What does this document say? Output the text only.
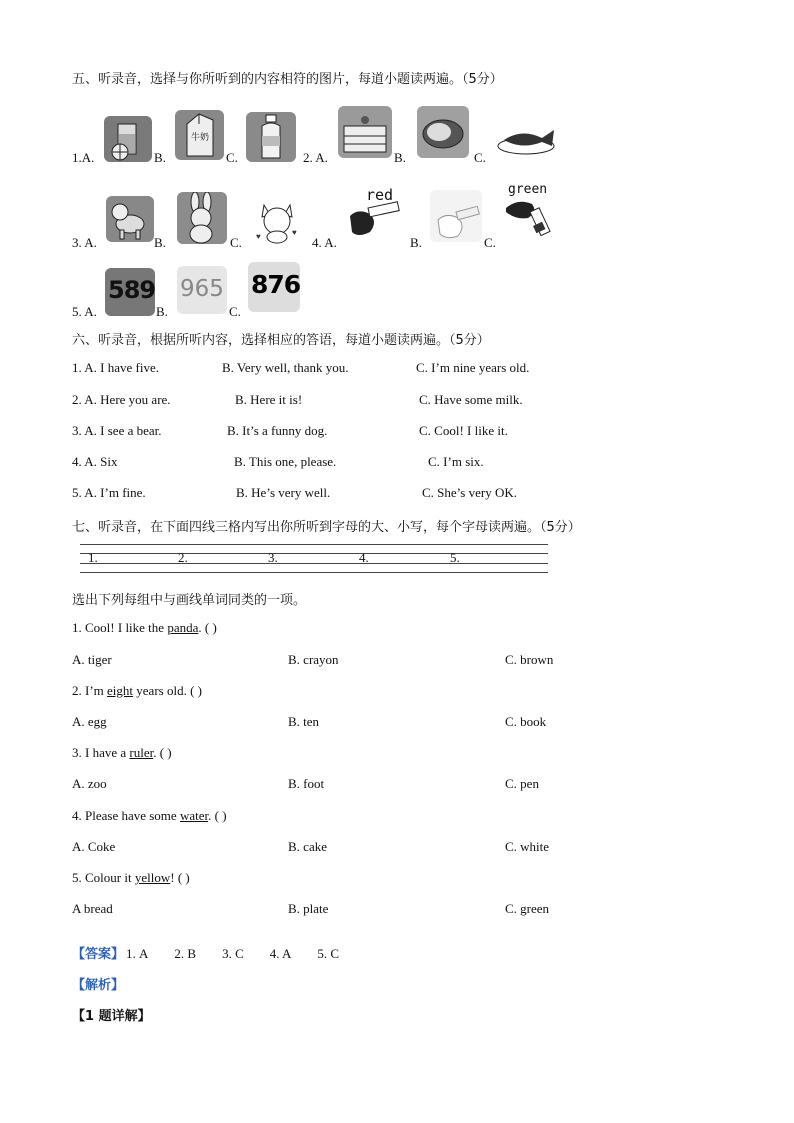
五、听录音，选择与你所听到的内容相符的图片，每道小题读两遍。（5分）
1.A.	B.
牛奶
C.	2. A.	B.	C.
3. A.	B.	C. ♥	♥
4. A.
red
B.	C.
green
5. A.
589
B.
965
C.
876
六、听录音，根据所听内容，选择相应的答语，每道小题读两遍。（5分）
1. A. I have five.	B. Very well, thank you.	C. I’m nine years old.
2. A. Here you are.	B. Here it is!	C. Have some milk.
3. A. I see a bear.	B. It’s a funny dog.	C. Cool! I like it.
4. A. Six	B. This one, please.	C. I’m six.
5. A. I’m fine.	B. He’s very well.	C. She’s very OK.
七、听录音，在下面四线三格内写出你所听到字母的大、小写，每个字母读两遍。（5分）
1.	2.	3.	4.	5.
选出下列每组中与画线单词同类的一项。
1. Cool! I like the panda. ( )
A. tiger	B. crayon	C. brown
2. I’m eight years old. ( )
A. egg	B. ten	C. book
3. I have a ruler. ( )
A. zoo	B. foot	C. pen
4. Please have some water. ( )
A. Coke	B. cake	C. white
5. Colour it yellow! ( )
A bread	B. plate	C. green
【答案】 1. A 2. B 3. C 4. A 5. C
【解析】
【1 题详解】
